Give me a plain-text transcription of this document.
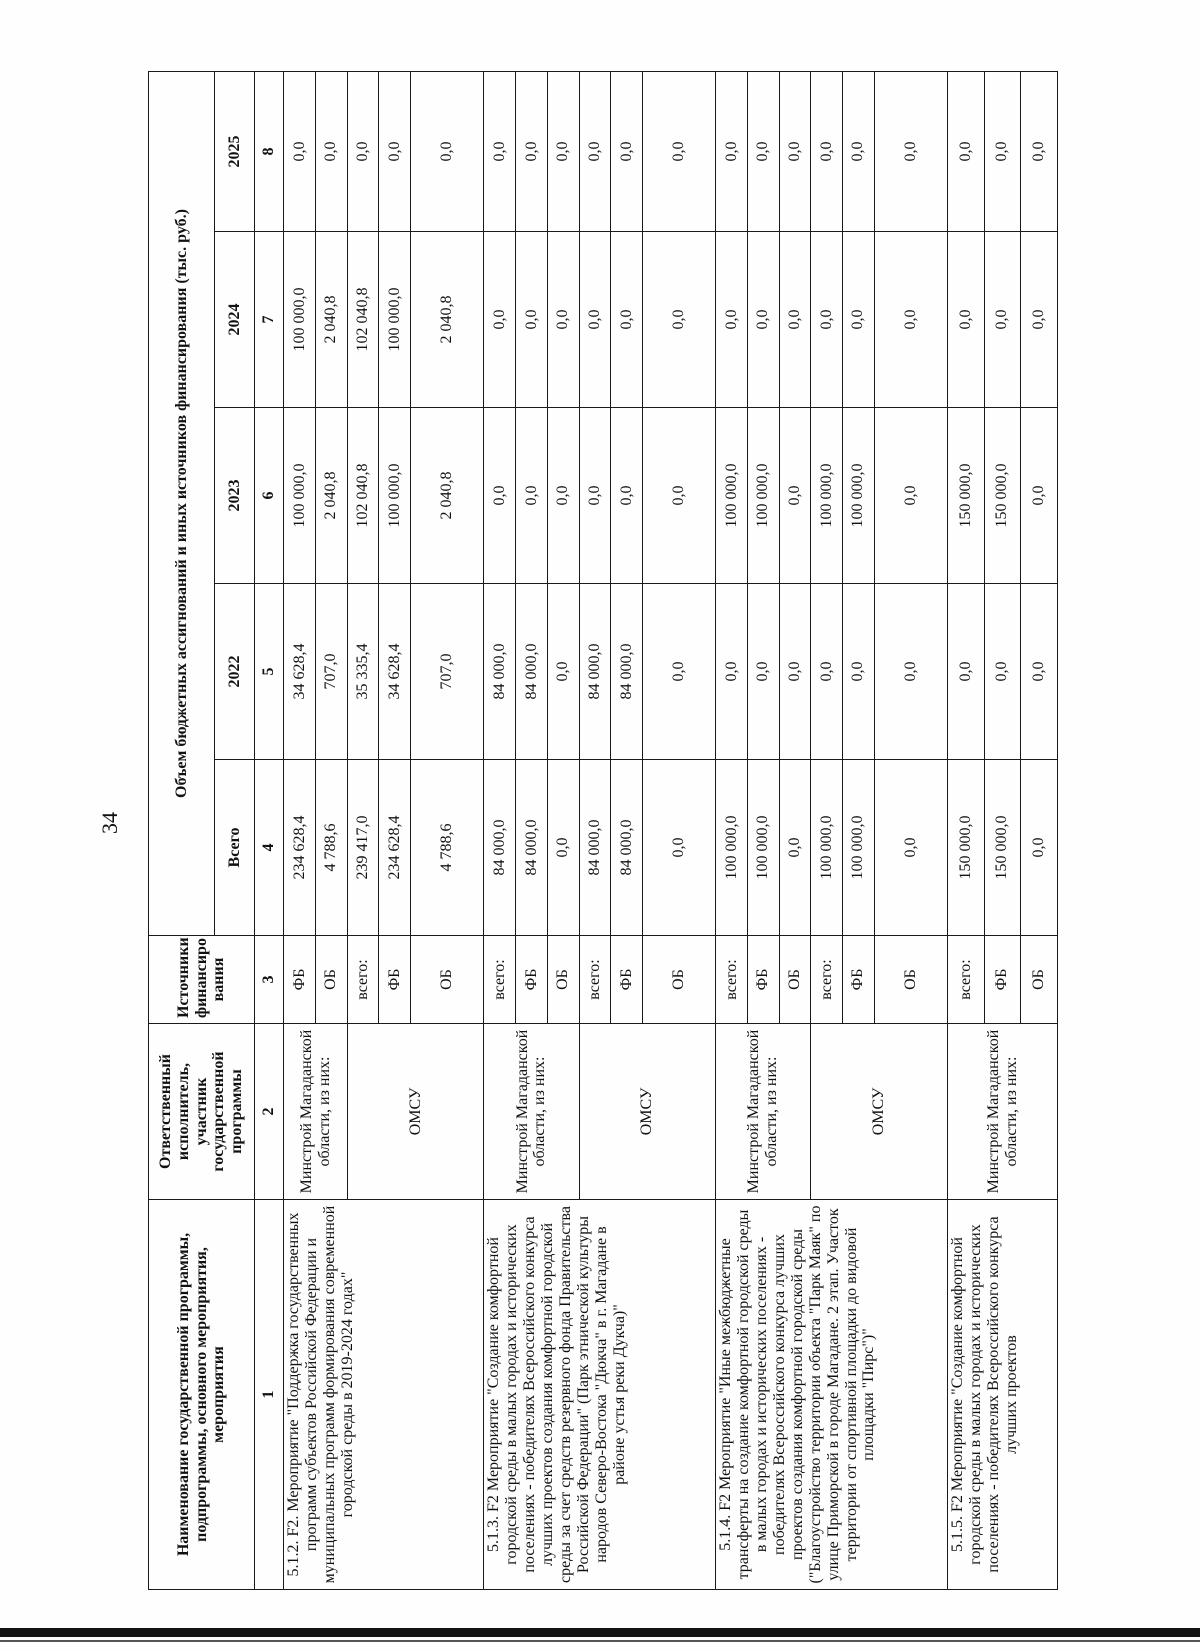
34
Наименование государственной программы, подпрограммы, основного мероприятия, мероприятия	Ответственный исполнитель, участник государственной программы	Источники финансиро вания	Объем бюджетных ассигнований и иных источников финансирования (тыс. руб.)				
			Всего	2022	2023	2024	2025
1	2	3	4	5	6	7	8
5.1.2. F2. Мероприятие "Поддержка государственных программ субъектов Российской Федерации и муниципальных программ формирования современной городской среды в 2019-2024 годах"	Минстрой Магаданской области, из них:	ФБ	234 628,4	34 628,4	100 000,0	100 000,0	0,0
		ОБ	4 788,6	707,0	2 040,8	2 040,8	0,0
	ОМСУ	всего:	239 417,0	35 335,4	102 040,8	102 040,8	0,0
		ФБ	234 628,4	34 628,4	100 000,0	100 000,0	0,0
		ОБ	4 788,6	707,0	2 040,8	2 040,8	0,0
5.1.3. F2 Мероприятие "Создание комфортной городской среды в малых городах и исторических поселениях - победителях Всероссийского конкурса лучших проектов создания комфортной городской среды за счет средств резервного фонда Правительства Российской Федерации" (Парк этнической культуры народов Северо-Востока "Дюкча" в г. Магадане в районе устья реки Дукча)"	Минстрой Магаданской области, из них:	всего:	84 000,0	84 000,0	0,0	0,0	0,0
		ФБ	84 000,0	84 000,0	0,0	0,0	0,0
		ОБ	0,0	0,0	0,0	0,0	0,0
	ОМСУ	всего:	84 000,0	84 000,0	0,0	0,0	0,0
		ФБ	84 000,0	84 000,0	0,0	0,0	0,0
		ОБ	0,0	0,0	0,0	0,0	0,0
5.1.4. F2 Мероприятие "Иные межбюджетные трансферты на создание комфортной городской среды в малых городах и исторических поселениях - победителях Всероссийского конкурса лучших проектов создания комфортной городской среды ("Благоустройство территории объекта "Парк Маяк" по улице Приморской в городе Магадане. 2 этап. Участок территории от спортивной площадки до видовой площадки "Пирс")"	Минстрой Магаданской области, из них:	всего:	100 000,0	0,0	100 000,0	0,0	0,0
		ФБ	100 000,0	0,0	100 000,0	0,0	0,0
		ОБ	0,0	0,0	0,0	0,0	0,0
	ОМСУ	всего:	100 000,0	0,0	100 000,0	0,0	0,0
		ФБ	100 000,0	0,0	100 000,0	0,0	0,0
		ОБ	0,0	0,0	0,0	0,0	0,0
5.1.5. F2 Мероприятие "Создание комфортной городской среды в малых городах и исторических поселениях - победителях Всероссийского конкурса лучших проектов	Минстрой Магаданской области, из них:	всего:	150 000,0	0,0	150 000,0	0,0	0,0
		ФБ	150 000,0	0,0	150 000,0	0,0	0,0
		ОБ	0,0	0,0	0,0	0,0	0,0
